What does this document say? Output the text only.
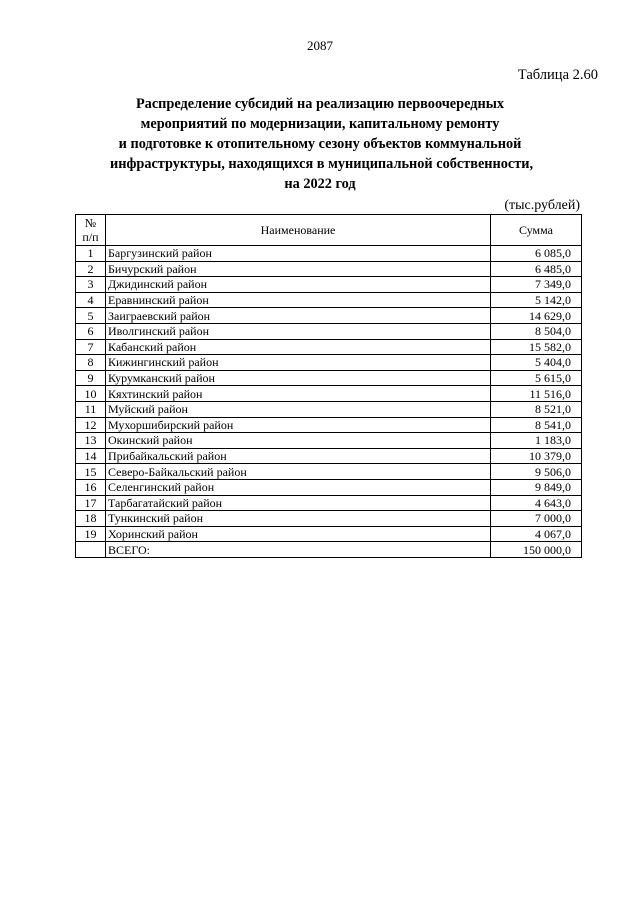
2087
Таблица 2.60
Распределение субсидий на реализацию первоочередных
мероприятий по модернизации, капитальному ремонту
и подготовке к отопительному сезону объектов коммунальной
инфраструктуры, находящихся в муниципальной собственности,
на 2022 год
(тыс.рублей)
№
п/п	Наименование	Сумма
1	Баргузинский район	6 085,0
2	Бичурский район	6 485,0
3	Джидинский район	7 349,0
4	Еравнинский район	5 142,0
5	Заиграевский район	14 629,0
6	Иволгинский район	8 504,0
7	Кабанский район	15 582,0
8	Кижингинский район	5 404,0
9	Курумканский район	5 615,0
10	Кяхтинский район	11 516,0
11	Муйский район	8 521,0
12	Мухоршибирский район	8 541,0
13	Окинский район	1 183,0
14	Прибайкальский район	10 379,0
15	Северо-Байкальский район	9 506,0
16	Селенгинский район	9 849,0
17	Тарбагатайский район	4 643,0
18	Тункинский район	7 000,0
19	Хоринский район	4 067,0
	ВСЕГО:	150 000,0
